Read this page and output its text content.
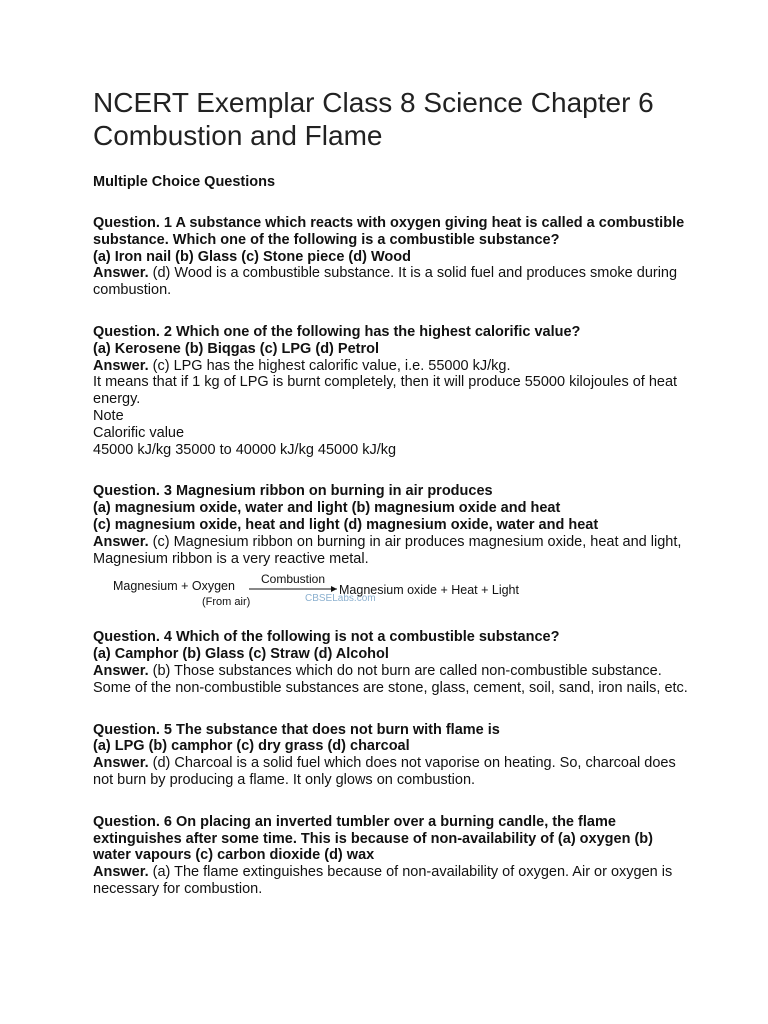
NCERT Exemplar Class 8 Science Chapter 6 Combustion and Flame

Multiple Choice Questions

Question. 1 A substance which reacts with oxygen giving heat is called a combustible substance. Which one of the following is a combustible substance?

(a) Iron nail (b) Glass (c) Stone piece (d) Wood

Answer. (d) Wood is a combustible substance. It is a solid fuel and produces smoke during combustion.

Question. 2 Which one of the following has the highest calorific value?

(a) Kerosene (b) Biqgas (c) LPG (d) Petrol

Answer. (c) LPG has the highest calorific value, i.e. 55000 kJ/kg.

It means that if 1 kg of LPG is burnt completely, then it will produce 55000 kilojoules of heat energy.

Note

Calorific value

45000 kJ/kg 35000 to 40000 kJ/kg 45000 kJ/kg

Question. 3 Magnesium ribbon on burning in air produces

(a) magnesium oxide, water and light (b) magnesium oxide and heat

(c) magnesium oxide, heat and light (d) magnesium oxide, water and heat

Answer. (c) Magnesium ribbon on burning in air produces magnesium oxide, heat and light, Magnesium ribbon is a very reactive metal.

Magnesium + Oxygen Combustion
(From air)	CBSELabs.com
Magnesium oxide + Heat + Light

Question. 4 Which of the following is not a combustible substance?

(a) Camphor (b) Glass (c) Straw (d) Alcohol

Answer. (b) Those substances which do not burn are called non-combustible substance. Some of the non-combustible substances are stone, glass, cement, soil, sand, iron nails, etc.

Question. 5 The substance that does not burn with flame is

(a) LPG (b) camphor (c) dry grass (d) charcoal

Answer. (d) Charcoal is a solid fuel which does not vaporise on heating. So, charcoal does not burn by producing a flame. It only glows on combustion.

Question. 6 On placing an inverted tumbler over a burning candle, the flame extinguishes after some time. This is because of non-availability of (a) oxygen (b) water vapours (c) carbon dioxide (d) wax

Answer. (a) The flame extinguishes because of non-availability of oxygen. Air or oxygen is necessary for combustion.
